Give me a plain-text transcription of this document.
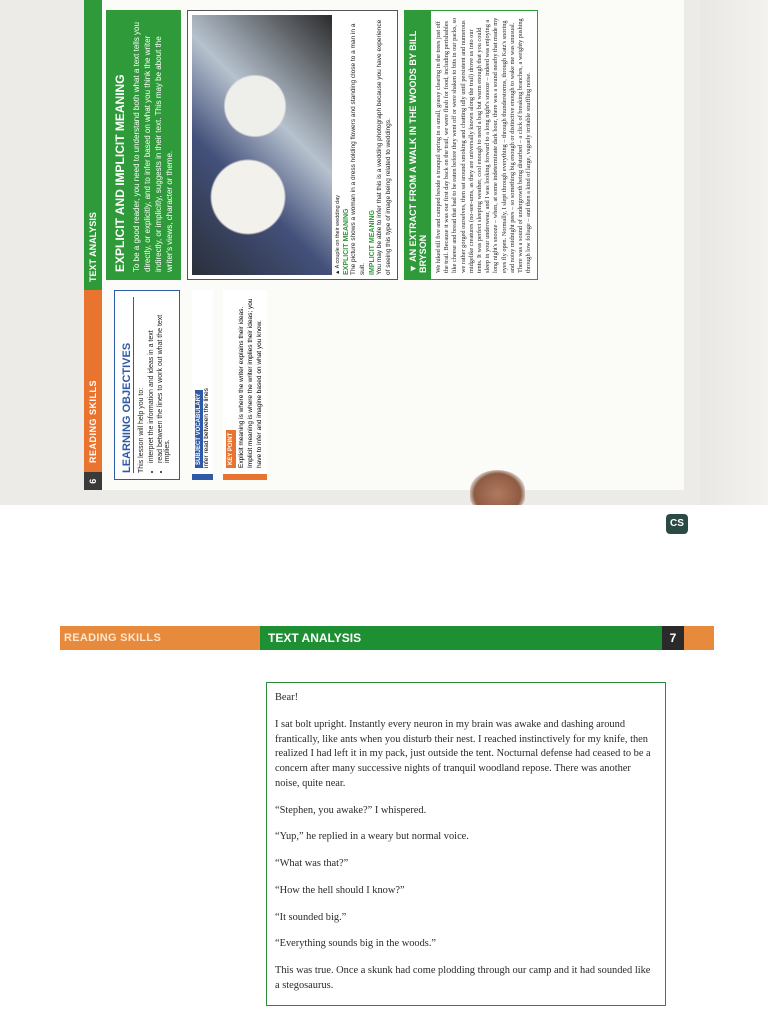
6 READING SKILLS
TEXT ANALYSIS
LEARNING OBJECTIVES This lesson will help you to: • interpret the information and ideas in a text • read between the lines to work out what the text implies.	SUBJECT VOCABULARY infer read between the lines	KEY POINT Explicit meaning is where the writer explains their ideas. Implicit meaning is where the writer implies their ideas; you have to infer and imagine based on what you know.
EXPLICIT AND IMPLICIT MEANING To be a good reader, you need to understand both what a text tells you directly, or explicitly, and to infer based on what you think the writer indirectly, or implicitly, suggests in their text. This may be about the writer's views, character or theme.	▲ A couple on their wedding day EXPLICIT MEANING The picture shows a woman in a dress holding flowers and standing close to a man in a suit. IMPLICIT MEANING You may be able to infer that this is a wedding photograph because you have experience of seeing this type of image being related to weddings.	▼ AN EXTRACT FROM A WALK IN THE WOODS BY BILL BRYSON	We hiked till five and camped beside a tranquil spring in a small, grassy clearing in the trees just off the trail. Because it was our first day back on the trail, we were flush for food, including perishables like cheese and bread that had to be eaten before they went off or were shaken to bits in our packs, so we rather gorged ourselves, then sat around smoking and chatting idly until persistent and numerous midgelike creatures (no-see-ums, as they are universally known along the trail) drove us into our tents. It was perfect sleeping weather, cool enough to need a bag but warm enough that you could sleep in your underwear, and I was looking forward to a long night's snooze – indeed was enjoying a long night's snooze – when, at some indeterminate dark hour, there was a sound nearby that made my eyes fly open. Normally, I slept through everything – through thunderstorms, through Katz's snoring and noisy midnight pees – so something big enough or distinctive enough to wake me was unusual. There was a sound of undergrowth being disturbed – a click of breaking branches, a weighty pushing through low foliage – and then a kind of large, vaguely irritable snuffling noise.
CS
READING SKILLS	TEXT ANALYSIS	7

Bear!

I sat bolt upright. Instantly every neuron in my brain was awake and dashing around frantically, like ants when you disturb their nest. I reached instinctively for my knife, then realized I had left it in my pack, just outside the tent. Nocturnal defense had ceased to be a concern after many successive nights of tranquil woodland repose. There was another noise, quite near.

“Stephen, you awake?” I whispered.

“Yup,” he replied in a weary but normal voice.

“What was that?”

“How the hell should I know?”

“It sounded big.”

“Everything sounds big in the woods.”

This was true. Once a skunk had come plodding through our camp and it had sounded like a stegosaurus.
